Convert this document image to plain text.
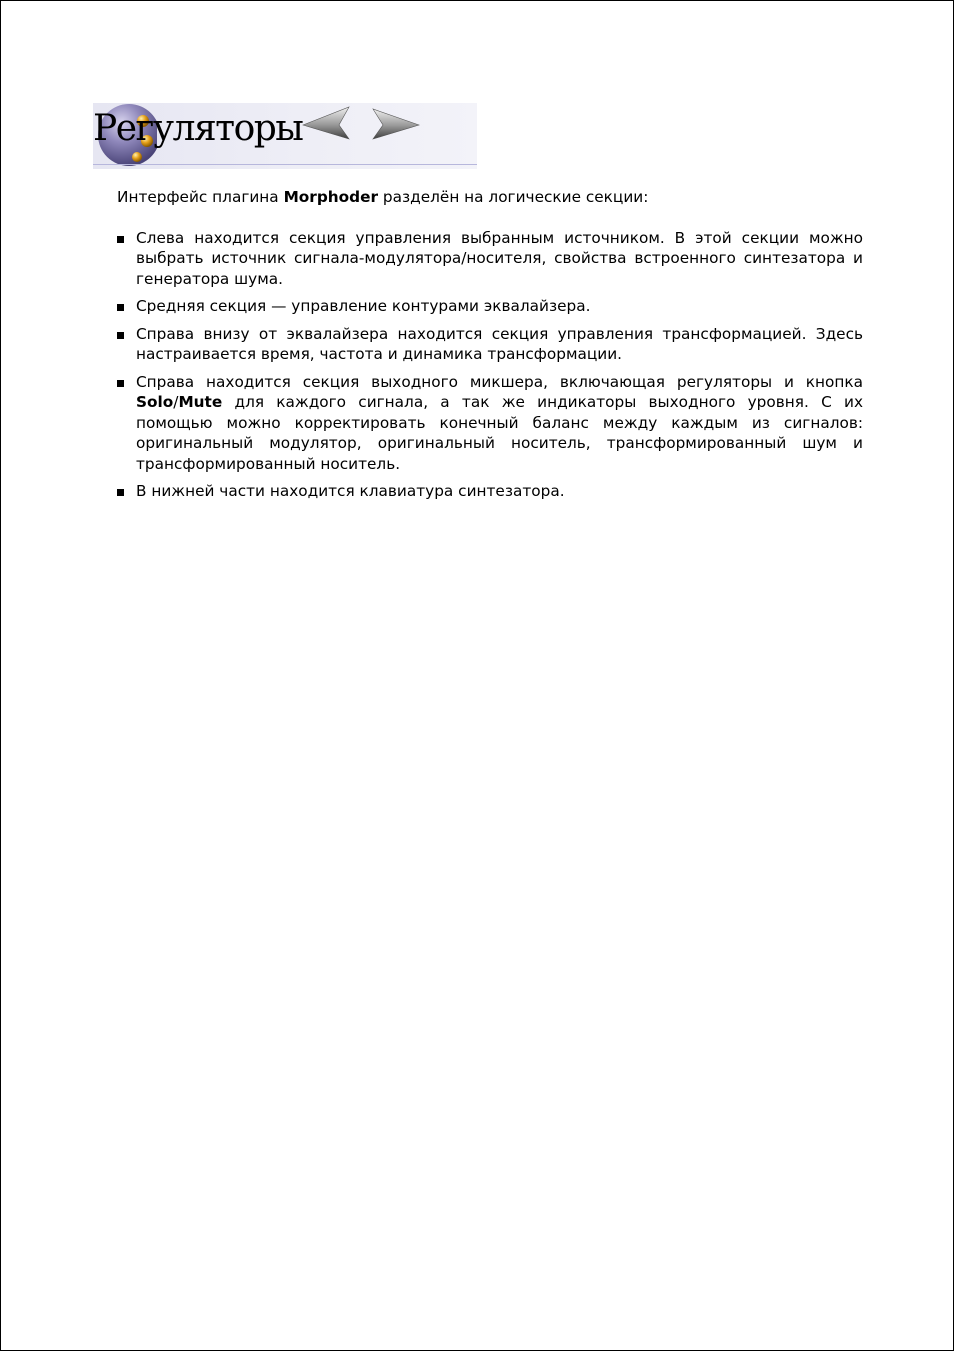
Регуляторы

Интерфейс плагина Morphoder разделён на логические секции:

Слева находится секция управления выбранным источником. В этой секции можно выбрать источник сигнала-модулятора/носителя, свойства встроенного синтезатора и генератора шума.
Средняя секция — управление контурами эквалайзера.
Справа внизу от эквалайзера находится секция управления трансформацией. Здесь настраивается время, частота и динамика трансформации.
Справа находится секция выходного микшера, включающая регуляторы и кнопка Solo/Mute для каждого сигнала, а так же индикаторы выходного уровня. С их помощью можно корректировать конечный баланс между каждым из сигналов: оригинальный модулятор, оригинальный носитель, трансформированный шум и трансформированный носитель.
В нижней части находится клавиатура синтезатора.
